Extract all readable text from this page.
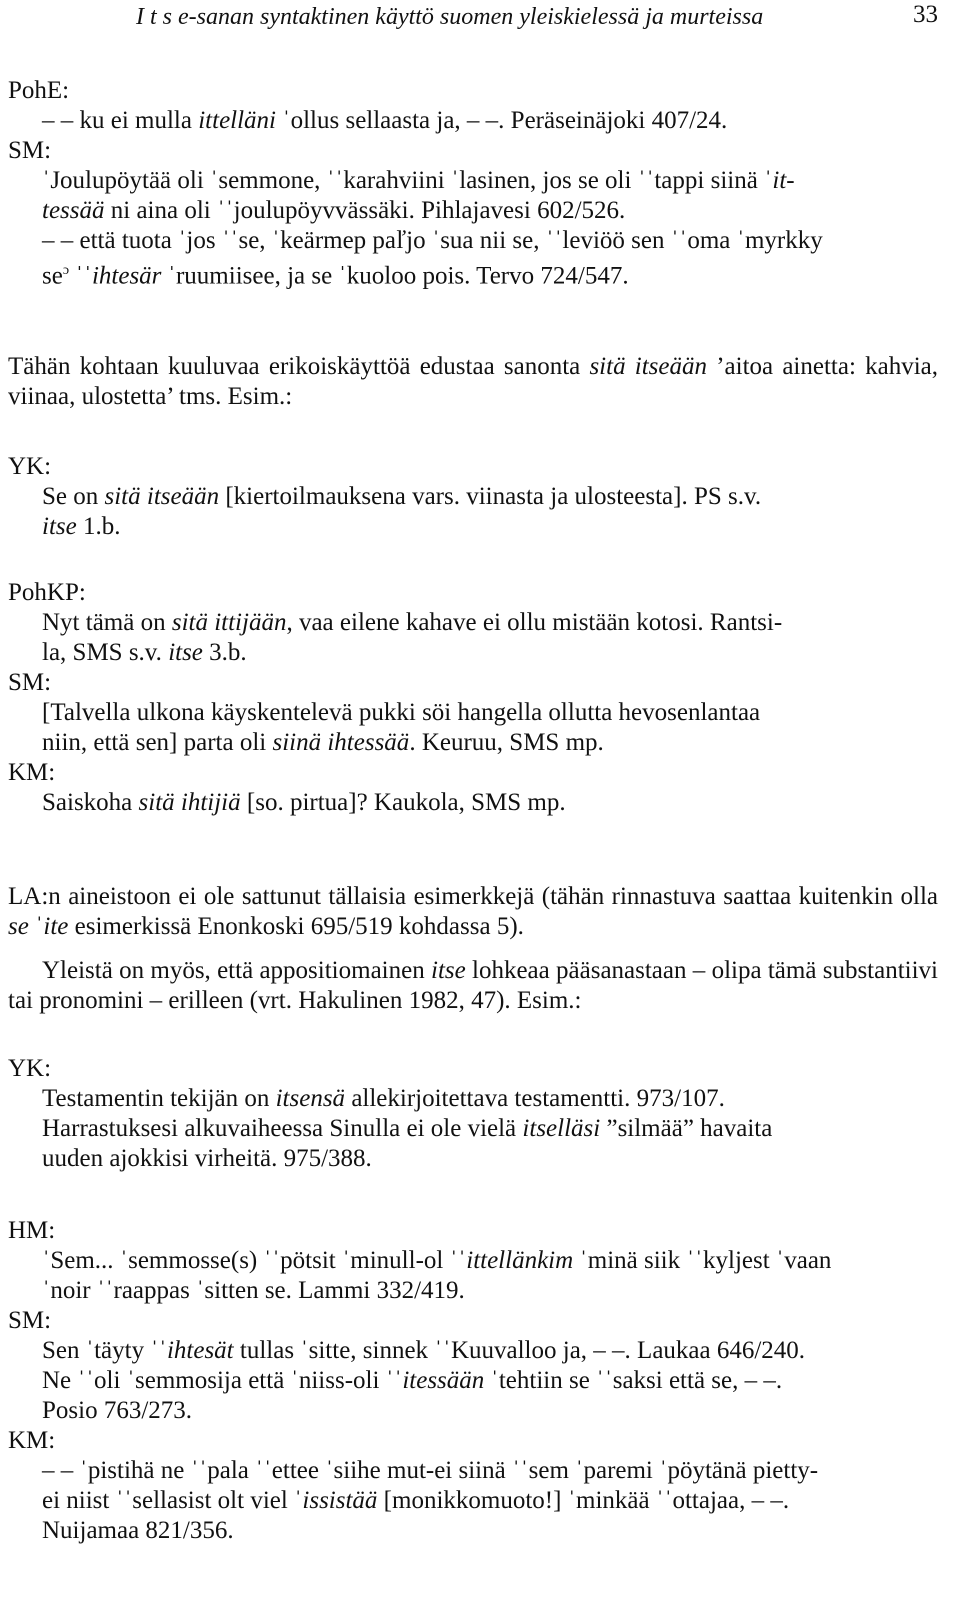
I t s e-sanan syntaktinen käyttö suomen yleiskielessä ja murteissa	33
PohE:
– – ku ei mulla ittelläni ˈollus sellaasta ja, – –. Peräseinäjoki 407/24.
SM:
ˈJoulupöytää oli ˈsemmone, ˈˈkarahviini ˈlasinen, jos se oli ˈˈtappi siinä ˈit-
tessää ni aina oli ˈˈjoulupöyvvässäki. Pihlajavesi 602/526.
– – että tuota ˈjos ˈˈse, ˈkeärmep paľjo ˈsua nii se, ˈˈleviöö sen ˈˈoma ˈmyrkky
$se^ɔ$ ˈˈihtesär ˈruumiisee, ja se ˈkuoloo pois. Tervo 724/547.

Tähän kohtaan kuuluvaa erikoiskäyttöä edustaa sanonta sitä itseään ’aitoa ainetta: kahvia, viinaa, ulostetta’ tms. Esim.:

YK:
Se on sitä itseään [kiertoilmauksena vars. viinasta ja ulosteesta]. PS s.v.
itse 1.b.
PohKP:
Nyt tämä on sitä ittijään, vaa eilene kahave ei ollu mistään kotosi. Rantsi-
la, SMS s.v. itse 3.b.
SM:
[Talvella ulkona käyskentelevä pukki söi hangella ollutta hevosenlantaa
niin, että sen] parta oli siinä ihtessää. Keuruu, SMS mp.
KM:
Saiskoha sitä ihtijiä [so. pirtua]? Kaukola, SMS mp.

LA:n aineistoon ei ole sattunut tällaisia esimerkkejä (tähän rinnastuva saattaa kuitenkin olla se ˈite esimerkissä Enonkoski 695/519 kohdassa 5).

Yleistä on myös, että appositiomainen itse lohkeaa pääsanastaan – olipa tämä substantiivi tai pronomini – erilleen (vrt. Hakulinen 1982, 47). Esim.:

YK:
Testamentin tekijän on itsensä allekirjoitettava testamentti. 973/107.
Harrastuksesi alkuvaiheessa Sinulla ei ole vielä itselläsi ”silmää” havaita
uuden ajokkisi virheitä. 975/388.
HM:
ˈSem... ˈsemmosse(s) ˈˈpötsit ˈminull-ol ˈˈittellänkim ˈminä siik ˈˈkyljest ˈvaan
ˈnoir ˈˈraappas ˈsitten se. Lammi 332/419.
SM:
Sen ˈtäyty ˈˈihtesät tullas ˈsitte, sinnek ˈˈKuuvalloo ja, – –. Laukaa 646/240.
Ne ˈˈoli ˈsemmosija että ˈniiss-oli ˈˈitessään ˈtehtiin se ˈˈsaksi että se, – –.
Posio 763/273.
KM:
– – ˈpistihä ne ˈˈpala ˈˈettee ˈsiihe mut-ei siinä ˈˈsem ˈparemi ˈpöytänä pietty-
ei niist ˈˈsellasist olt viel ˈissistää [monikkomuoto!] ˈminkää ˈˈottajaa, – –.
Nuijamaa 821/356.
